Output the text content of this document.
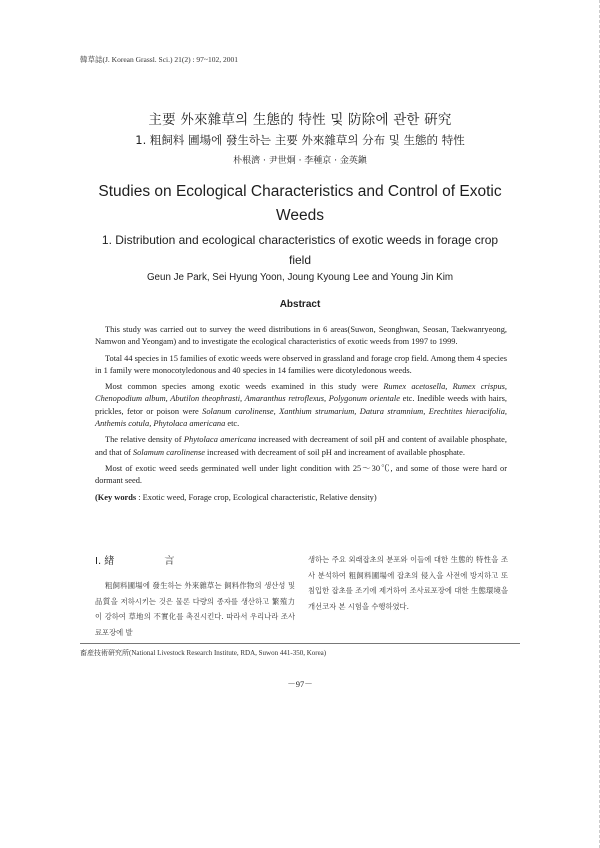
韓草誌(J. Korean Grassl. Sci.) 21(2) : 97~102, 2001
主要 外來雜草의 生態的 特性 및 防除에 관한 硏究
1. 粗飼料 圃場에 發生하는 主要 外來雜草의 分布 및 生態的 特性
朴根濟 · 尹世炯 · 李種京 · 金英鎭
Studies on Ecological Characteristics and Control of Exotic Weeds
1. Distribution and ecological characteristics of exotic weeds in forage crop field
Geun Je Park, Sei Hyung Yoon, Joung Kyoung Lee and Young Jin Kim
Abstract

This study was carried out to survey the weed distributions in 6 areas(Suwon, Seonghwan, Seosan, Taekwanryeong, Namwon and Yeongam) and to investigate the ecological characteristics of exotic weeds from 1997 to 1999.

Total 44 species in 15 families of exotic weeds were observed in grassland and forage crop field. Among them 4 species in 1 family were monocotyledonous and 40 species in 14 families were dicotyledonous weeds.

Most common species among exotic weeds examined in this study were Rumex acetosella, Rumex crispus, Chenopodium album, Abutilon theophrasti, Amaranthus retroflexus, Polygonum orientale etc. Inedible weeds with hairs, prickles, fetor or poison were Solanum carolinense, Xanthium strumarium, Datura stramnium, Erechtites hieracifolia, Anthemis cotula, Phytolaca americana etc.

The relative density of Phytolaca americana increased with decreament of soil pH and content of available phosphate, and that of Solamum carolinense increased with decreament of soil pH and increament of available phosphate.

Most of exotic weed seeds germinated well under light condition with 25～30℃, and some of those were hard or dormant seed.

(Key words : Exotic weed, Forage crop, Ecological characteristic, Relative density)

Ⅰ. 緖	言
粗飼料圃場에 發生하는 外來雜草는 飼料作物의 생산성 및 品質을 저하시키는 것은 물론 다량의 종자를 생산하고 繁殖力이 강하여 草地의 不實化를 촉진시킨다. 따라서 우리나라 조사료포장에 발
생하는 주요 외래잡초의 분포와 이들에 대한 生態的 特性을 조사 분석하여 粗飼料圃場에 잡초의 侵入을 사전에 방지하고 또 침입한 잡초를 조기에 제거하여 조사료포장에 대한 生態環境을 개선코자 본 시험을 수행하였다.
畜産技術硏究所(National Livestock Research Institute, RDA, Suwon 441-350, Korea)
－97－
